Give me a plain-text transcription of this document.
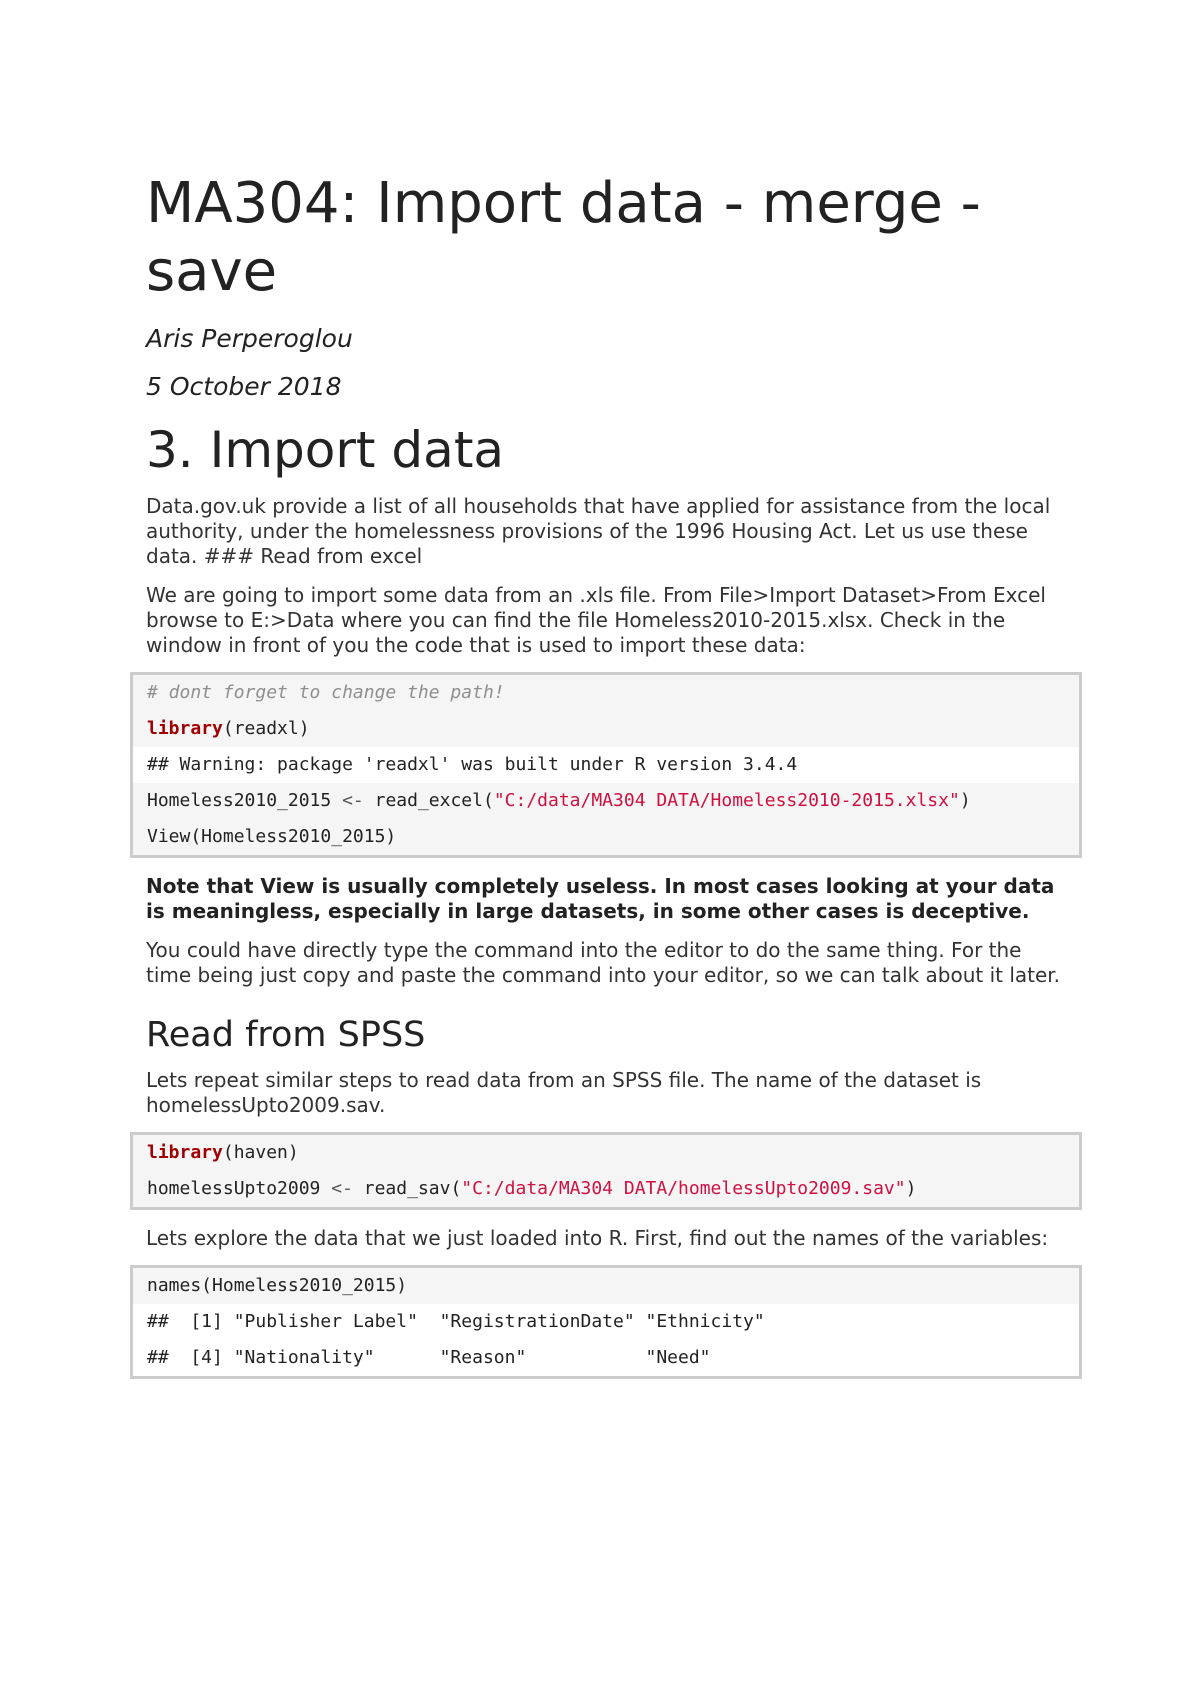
MA304: Import data - merge - save
Aris Perperoglou
5 October 2018
3. Import data

Data.gov.uk provide a list of all households that have applied for assistance from the local authority, under the homelessness provisions of the 1996 Housing Act. Let us use these data. ### Read from excel

We are going to import some data from an .xls file. From File>Import Dataset>From Excel browse to E:>Data where you can find the file Homeless2010-2015.xlsx. Check in the window in front of you the code that is used to import these data:

# dont forget to change the path!
library(readxl)
## Warning: package 'readxl' was built under R version 3.4.4
Homeless2010_2015 <- read_excel("C:/data/MA304 DATA/Homeless2010-2015.xlsx")
View(Homeless2010_2015)

Note that View is usually completely useless. In most cases looking at your data is meaningless, especially in large datasets, in some other cases is deceptive.

You could have directly type the command into the editor to do the same thing. For the time being just copy and paste the command into your editor, so we can talk about it later.

Read from SPSS

Lets repeat similar steps to read data from an SPSS file. The name of the dataset is homelessUpto2009.sav.

library(haven)
homelessUpto2009 <- read_sav("C:/data/MA304 DATA/homelessUpto2009.sav")

Lets explore the data that we just loaded into R. First, find out the names of the variables:

names(Homeless2010_2015)
##  [1] "Publisher Label"  "RegistrationDate" "Ethnicity"
##  [4] "Nationality"      "Reason"           "Need"
